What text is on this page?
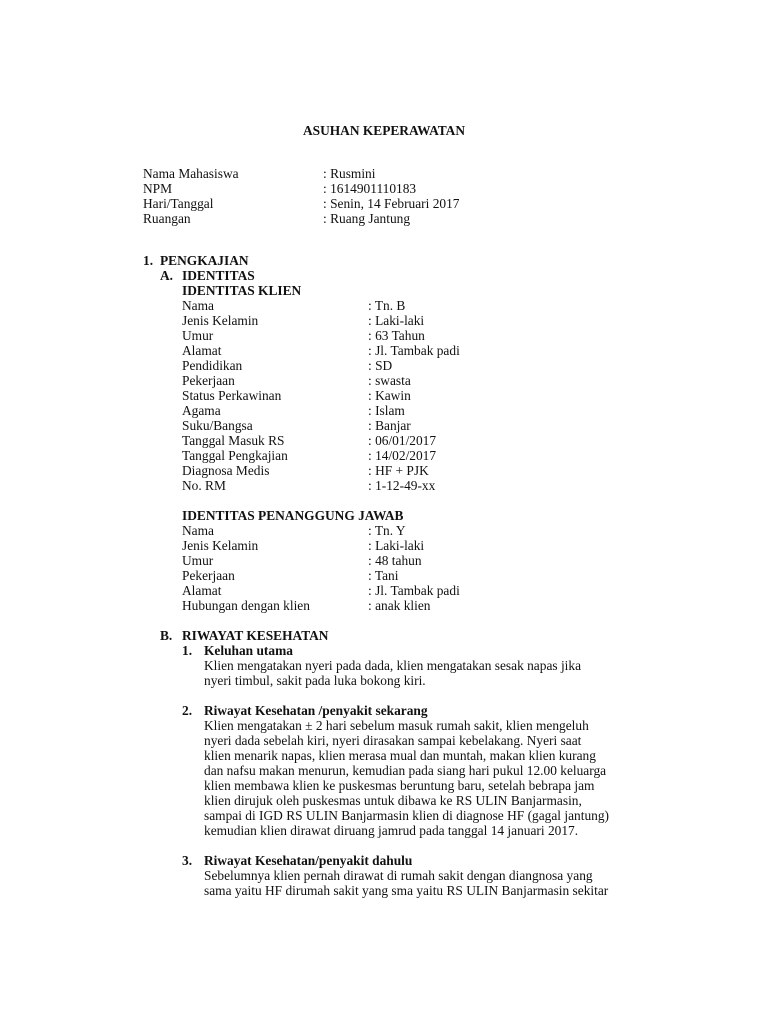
ASUHAN KEPERAWATAN
Nama Mahasiswa	: Rusmini
NPM	: 1614901110183
Hari/Tanggal	: Senin, 14 Februari 2017
Ruangan	: Ruang Jantung
1. PENGKAJIAN
A. IDENTITAS
IDENTITAS KLIEN
Nama	: Tn. B
Jenis Kelamin	: Laki-laki
Umur	: 63 Tahun
Alamat	: Jl. Tambak padi
Pendidikan	: SD
Pekerjaan	: swasta
Status Perkawinan	: Kawin
Agama	: Islam
Suku/Bangsa	: Banjar
Tanggal Masuk RS	: 06/01/2017
Tanggal Pengkajian	: 14/02/2017
Diagnosa Medis	: HF + PJK
No. RM	: 1-12-49-xx
IDENTITAS PENANGGUNG JAWAB
Nama	: Tn. Y
Jenis Kelamin	: Laki-laki
Umur	: 48 tahun
Pekerjaan	: Tani
Alamat	: Jl. Tambak padi
Hubungan dengan klien	: anak klien
B. RIWAYAT KESEHATAN
1. Keluhan utama
Klien mengatakan nyeri pada dada, klien mengatakan sesak napas jika
nyeri timbul, sakit pada luka bokong kiri.
2. Riwayat Kesehatan /penyakit sekarang
Klien mengatakan ± 2 hari sebelum masuk rumah sakit, klien mengeluh
nyeri dada sebelah kiri, nyeri dirasakan sampai kebelakang. Nyeri saat
klien menarik napas, klien merasa mual dan muntah, makan klien kurang
dan nafsu makan menurun, kemudian pada siang hari pukul 12.00 keluarga
klien membawa klien ke puskesmas beruntung baru, setelah bebrapa jam
klien dirujuk oleh puskesmas untuk dibawa ke RS ULIN Banjarmasin,
sampai di IGD RS ULIN Banjarmasin klien di diagnose HF (gagal jantung)
kemudian klien dirawat diruang jamrud pada tanggal 14 januari 2017.
3. Riwayat Kesehatan/penyakit dahulu
Sebelumnya klien pernah dirawat di rumah sakit dengan diangnosa yang
sama yaitu HF dirumah sakit yang sma yaitu RS ULIN Banjarmasin sekitar
